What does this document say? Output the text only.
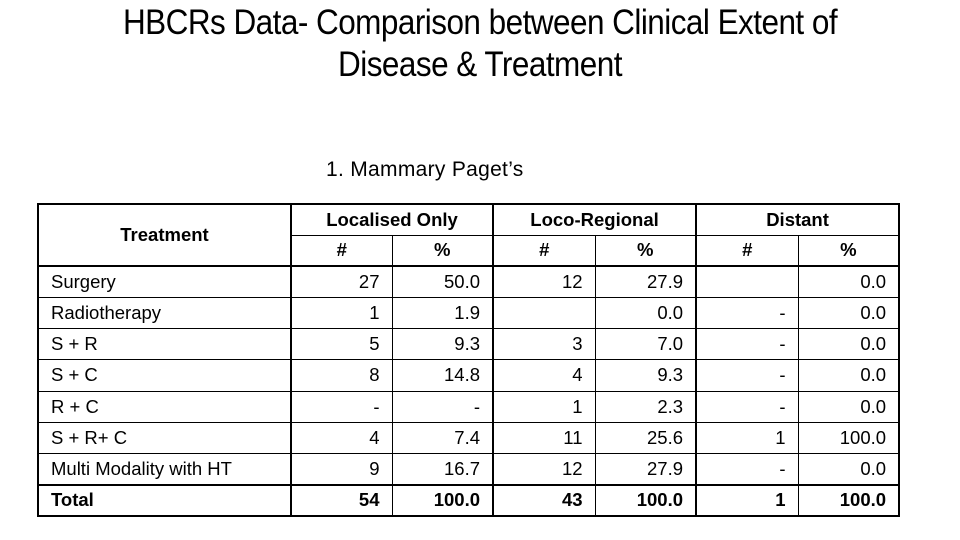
HBCRs Data- Comparison between Clinical Extent of
Disease & Treatment
1. Mammary Paget’s
Treatment	Localised Only		Loco-Regional		Distant	
	#	%	#	%	#	%
Surgery	27	50.0	12	27.9		0.0
Radiotherapy	1	1.9		0.0	-	0.0
S + R	5	9.3	3	7.0	-	0.0
S + C	8	14.8	4	9.3	-	0.0
R + C	-	-	1	2.3	-	0.0
S + R+ C	4	7.4	11	25.6	1	100.0
Multi Modality with HT	9	16.7	12	27.9	-	0.0
Total	54	100.0	43	100.0	1	100.0
